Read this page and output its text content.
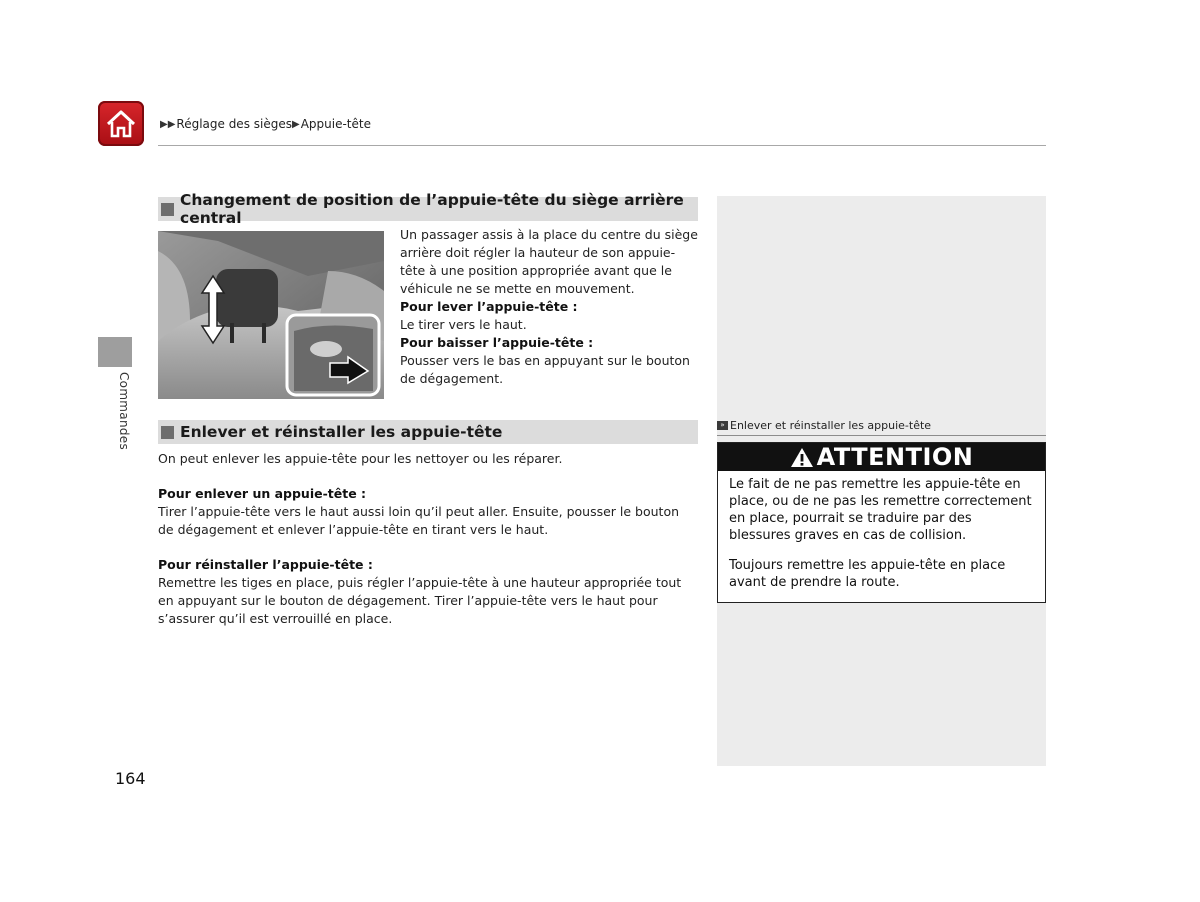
▶▶ Réglage des sièges ▶ Appuie-tête
Commandes
Changement de position de l’appuie-tête du siège arrière central
Un passager assis à la place du centre du siège arrière doit régler la hauteur de son appuie-tête à une position appropriée avant que le véhicule ne se mette en mouvement.
Pour lever l’appuie-tête :
Le tirer vers le haut.
Pour baisser l’appuie-tête :
Pousser vers le bas en appuyant sur le bouton de dégagement.
Enlever et réinstaller les appuie-tête
On peut enlever les appuie-tête pour les nettoyer ou les réparer.
Pour enlever un appuie-tête :
Tirer l’appuie-tête vers le haut aussi loin qu’il peut aller. Ensuite, pousser le bouton de dégagement et enlever l’appuie-tête en tirant vers le haut.
Pour réinstaller l’appuie-tête :
Remettre les tiges en place, puis régler l’appuie-tête à une hauteur appropriée tout en appuyant sur le bouton de dégagement. Tirer l’appuie-tête vers le haut pour s’assurer qu’il est verrouillé en place.
» Enlever et réinstaller les appuie-tête
ATTENTION

Le fait de ne pas remettre les appuie-tête en place, ou de ne pas les remettre correctement en place, pourrait se traduire par des blessures graves en cas de collision.

Toujours remettre les appuie-tête en place avant de prendre la route.

164
